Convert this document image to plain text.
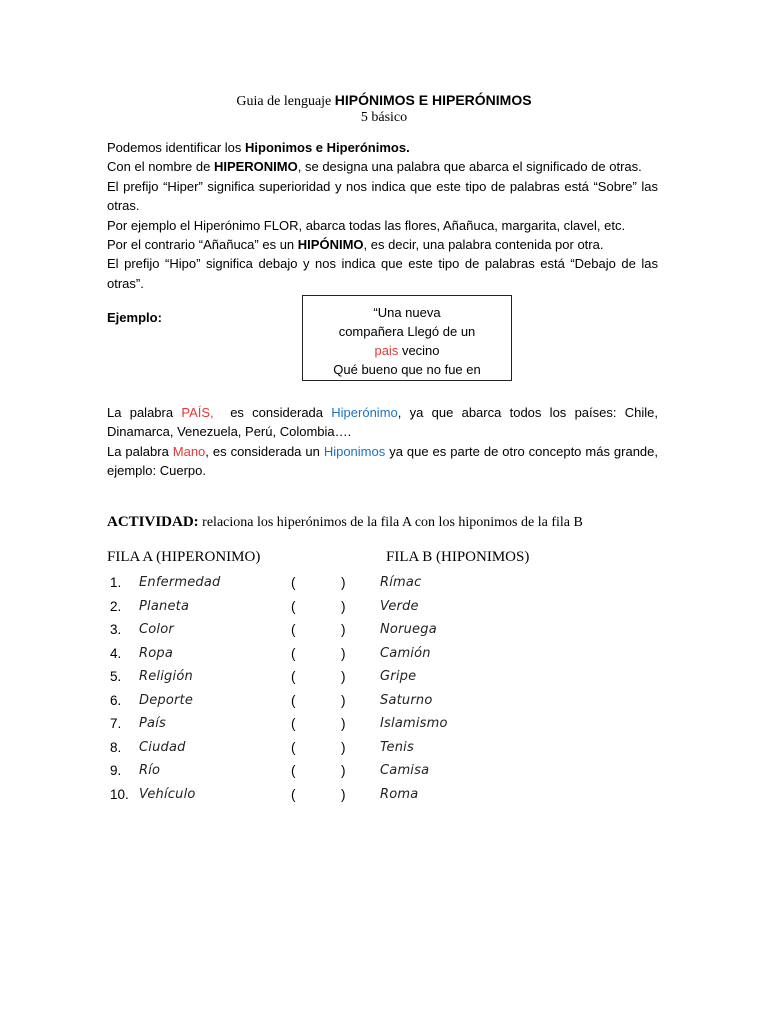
Guia de lenguaje HIPÓNIMOS E HIPERÓNIMOS
5 básico

Podemos identificar los Hiponimos e Hiperónimos.

Con el nombre de HIPERONIMO, se designa una palabra que abarca el significado de otras.

El prefijo “Hiper” significa superioridad y nos indica que este tipo de palabras está “Sobre” las otras.

Por ejemplo el Hiperónimo FLOR, abarca todas las flores, Añañuca, margarita, clavel, etc.

Por el contrario “Añañuca” es un HIPÓNIMO, es decir, una palabra contenida por otra.

El prefijo “Hipo” significa debajo y nos indica que este tipo de palabras está “Debajo de las otras”.

Ejemplo:	“Una nueva
compañera Llegó de un
pais vecino
Qué bueno que no fue en

La palabra PAÍS,  es considerada Hiperónimo, ya que abarca todos los países: Chile, Dinamarca, Venezuela, Perú, Colombia….

La palabra Mano, es considerada un Hiponimos ya que es parte de otro concepto más grande, ejemplo: Cuerpo.

ACTIVIDAD: relaciona los hiperónimos de la fila A con los hiponimos de la fila B
FILA A (HIPERONIMO)	FILA B (HIPONIMOS)
1. Enfermedad	(	)	Rímac
2. Planeta	(	)	Verde
3. Color	(	)	Noruega
4. Ropa	(	)	Camión
5. Religión	(	)	Gripe
6. Deporte	(	)	Saturno
7. País	(	)	Islamismo
8. Ciudad	(	)	Tenis
9. Río	(	)	Camisa
10. Vehículo	(	)	Roma
